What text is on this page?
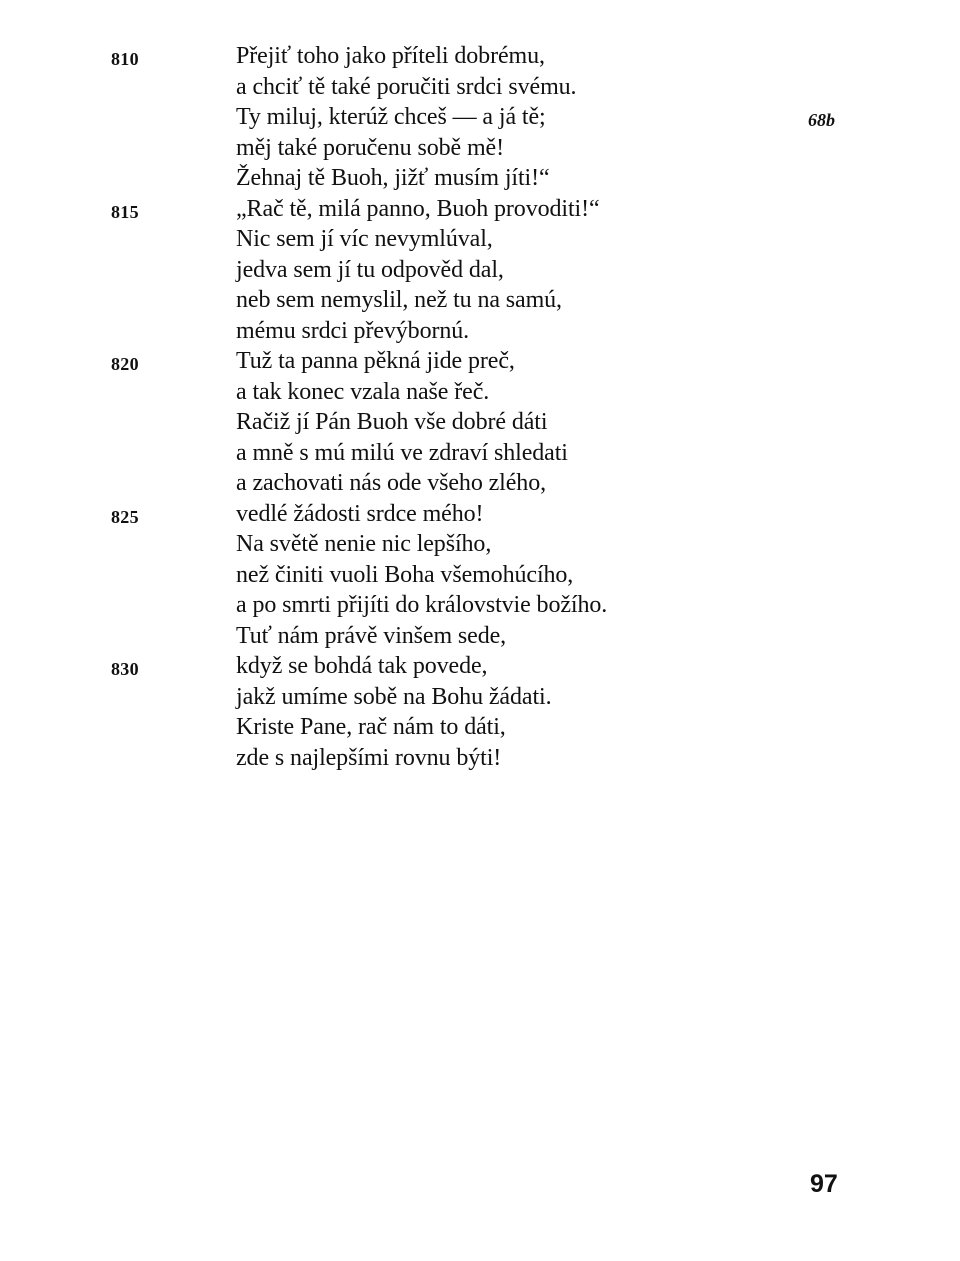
810	Přejiť toho jako příteli dobrému,
a chciť tě také poručiti srdci svému.
Ty miluj, kterúž chceš — a já tě;	68b
měj také poručenu sobě mě!
Žehnaj tě Buoh, jižť musím jíti!“
815	„Rač tě, milá panno, Buoh provoditi!“
Nic sem jí víc nevymlúval,
jedva sem jí tu odpověd dal,
neb sem nemyslil, než tu na samú,
mému srdci převýbornú.
820	Tuž ta panna pěkná jide preč,
a tak konec vzala naše řeč.
Račiž jí Pán Buoh vše dobré dáti
a mně s mú milú ve zdraví shledati
a zachovati nás ode všeho zlého,
825	vedlé žádosti srdce mého!
Na světě nenie nic lepšího,
než činiti vuoli Boha všemohúcího,
a po smrti přijíti do královstvie božího.
Tuť nám právě vinšem sede,
830	když se bohdá tak povede,
jakž umíme sobě na Bohu žádati.
Kriste Pane, rač nám to dáti,
zde s najlepšími rovnu býti!
97
